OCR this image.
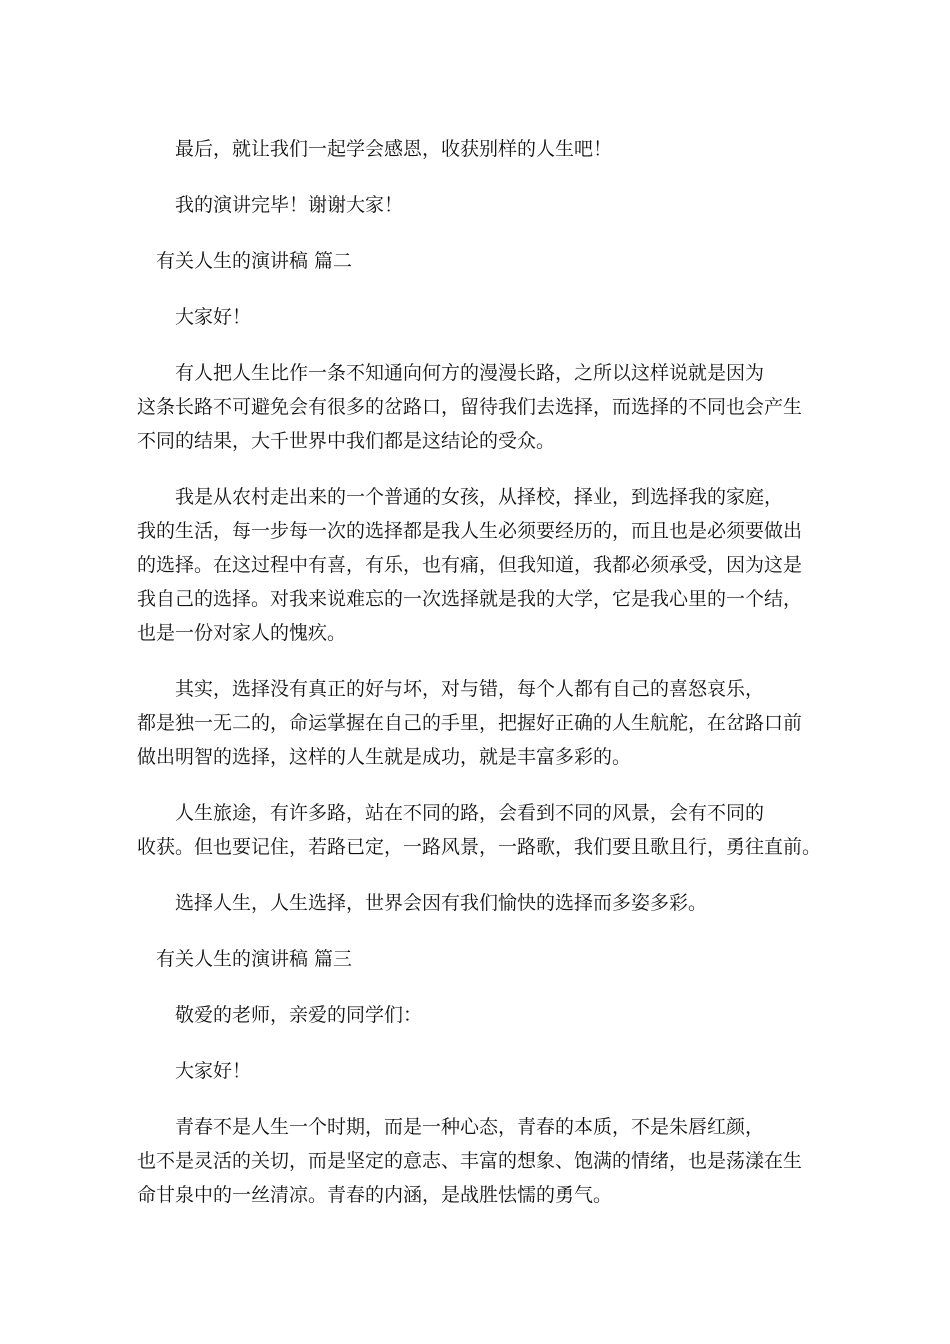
最后，就让我们一起学会感恩，收获别样的人生吧！
我的演讲完毕！谢谢大家！
有关人生的演讲稿 篇二
大家好！
有人把人生比作一条不知通向何方的漫漫长路，之所以这样说就是因为
这条长路不可避免会有很多的岔路口，留待我们去选择，而选择的不同也会产生
不同的结果，大千世界中我们都是这结论的受众。
我是从农村走出来的一个普通的女孩，从择校，择业，到选择我的家庭，
我的生活，每一步每一次的选择都是我人生必须要经历的，而且也是必须要做出
的选择。在这过程中有喜，有乐，也有痛，但我知道，我都必须承受，因为这是
我自己的选择。对我来说难忘的一次选择就是我的大学，它是我心里的一个结，
也是一份对家人的愧疚。
其实，选择没有真正的好与坏，对与错，每个人都有自己的喜怒哀乐，
都是独一无二的，命运掌握在自己的手里，把握好正确的人生航舵，在岔路口前
做出明智的选择，这样的人生就是成功，就是丰富多彩的。
人生旅途，有许多路，站在不同的路，会看到不同的风景，会有不同的
收获。但也要记住，若路已定，一路风景，一路歌，我们要且歌且行，勇往直前。
选择人生，人生选择，世界会因有我们愉快的选择而多姿多彩。
有关人生的演讲稿 篇三
敬爱的老师，亲爱的同学们：
大家好！
青春不是人生一个时期，而是一种心态，青春的本质，不是朱唇红颜，
也不是灵活的关切，而是坚定的意志、丰富的想象、饱满的情绪，也是荡漾在生
命甘泉中的一丝清凉。青春的内涵，是战胜怯懦的勇气。
